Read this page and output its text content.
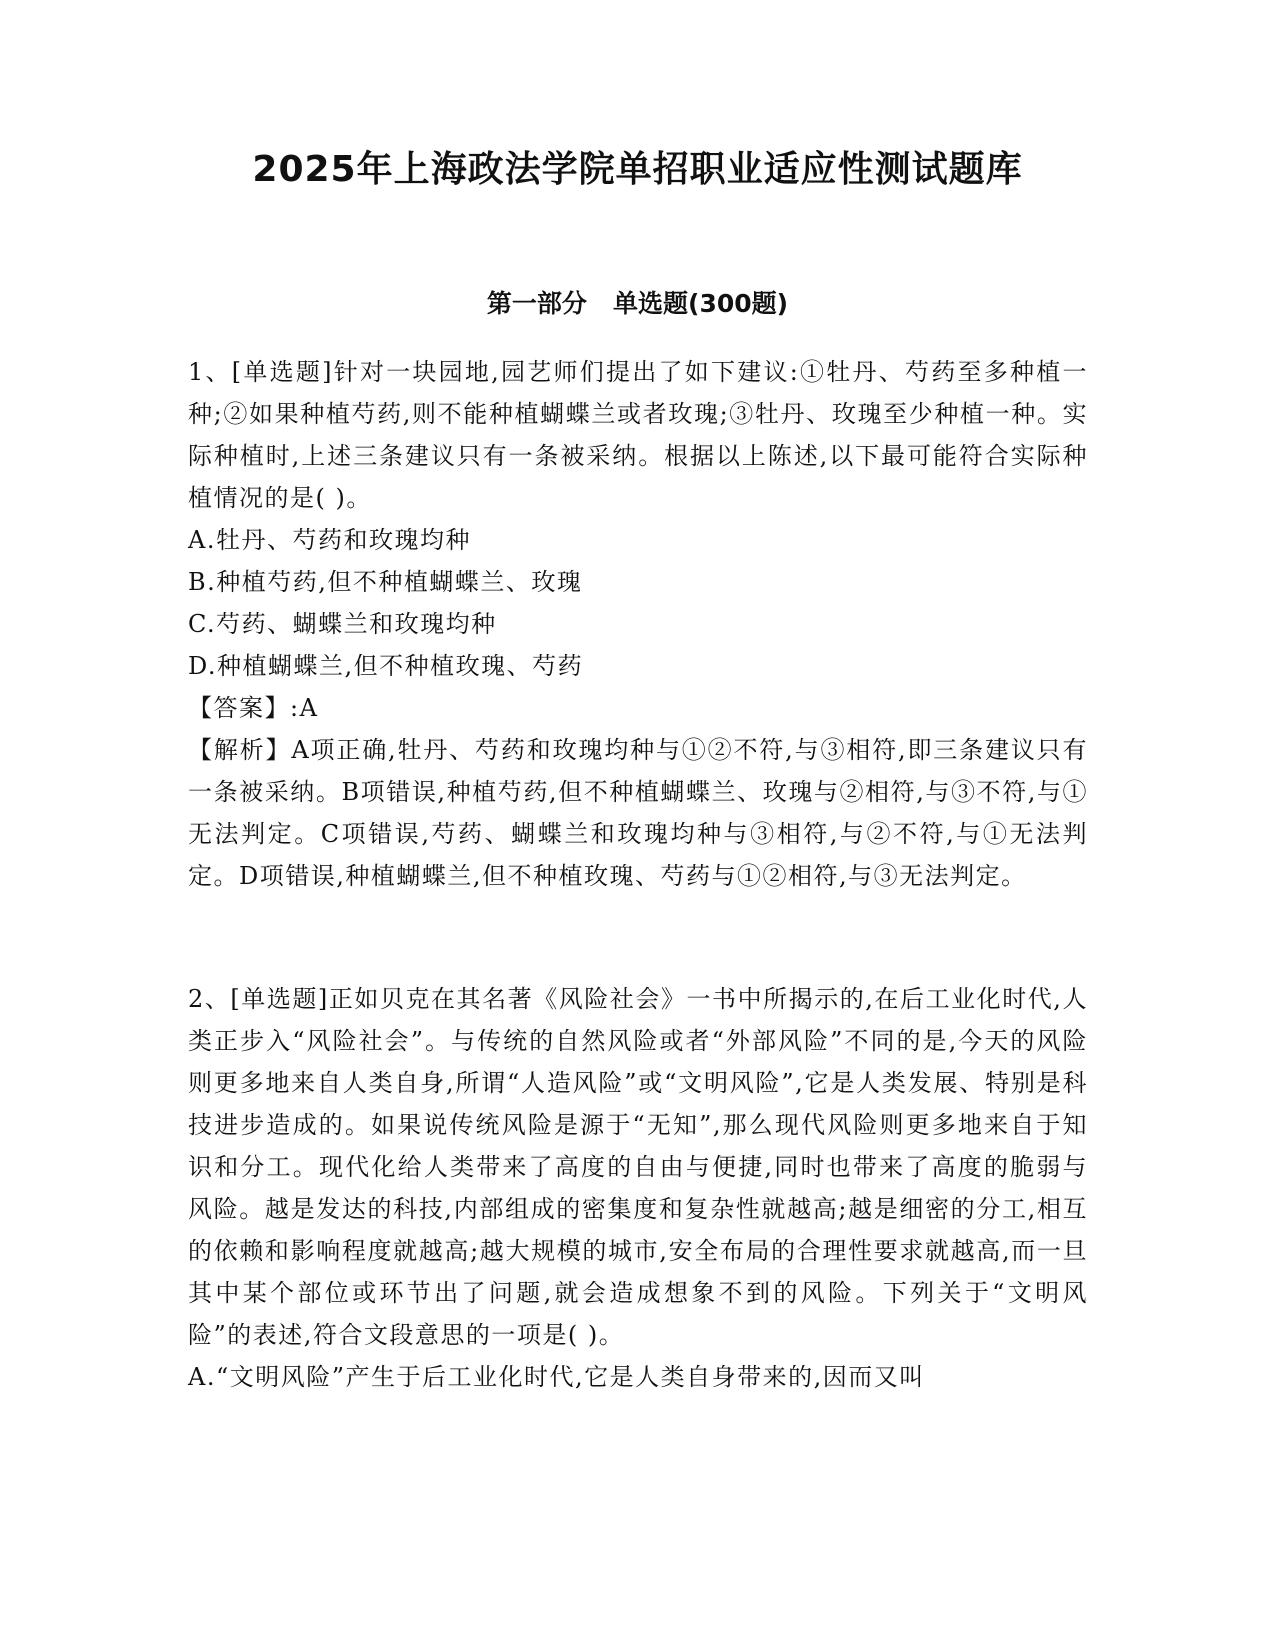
2025年上海政法学院单招职业适应性测试题库
第一部分   单选题(300题)

1、[单选题]针对一块园地,园艺师们提出了如下建议:①牡丹、芍药至多种植一种;②如果种植芍药,则不能种植蝴蝶兰或者玫瑰;③牡丹、玫瑰至少种植一种。实际种植时,上述三条建议只有一条被采纳。根据以上陈述,以下最可能符合实际种植情况的是( )。

A.牡丹、芍药和玫瑰均种

B.种植芍药,但不种植蝴蝶兰、玫瑰

C.芍药、蝴蝶兰和玫瑰均种

D.种植蝴蝶兰,但不种植玫瑰、芍药

【答案】:A

【解析】A项正确,牡丹、芍药和玫瑰均种与①②不符,与③相符,即三条建议只有一条被采纳。B项错误,种植芍药,但不种植蝴蝶兰、玫瑰与②相符,与③不符,与①无法判定。C项错误,芍药、蝴蝶兰和玫瑰均种与③相符,与②不符,与①无法判定。D项错误,种植蝴蝶兰,但不种植玫瑰、芍药与①②相符,与③无法判定。

2、[单选题]正如贝克在其名著《风险社会》一书中所揭示的,在后工业化时代,人类正步入“风险社会”。与传统的自然风险或者“外部风险”不同的是,今天的风险则更多地来自人类自身,所谓“人造风险”或“文明风险”,它是人类发展、特别是科技进步造成的。如果说传统风险是源于“无知”,那么现代风险则更多地来自于知识和分工。现代化给人类带来了高度的自由与便捷,同时也带来了高度的脆弱与风险。越是发达的科技,内部组成的密集度和复杂性就越高;越是细密的分工,相互的依赖和影响程度就越高;越大规模的城市,安全布局的合理性要求就越高,而一旦其中某个部位或环节出了问题,就会造成想象不到的风险。下列关于“文明风险”的表述,符合文段意思的一项是( )。

A.“文明风险”产生于后工业化时代,它是人类自身带来的,因而又叫
